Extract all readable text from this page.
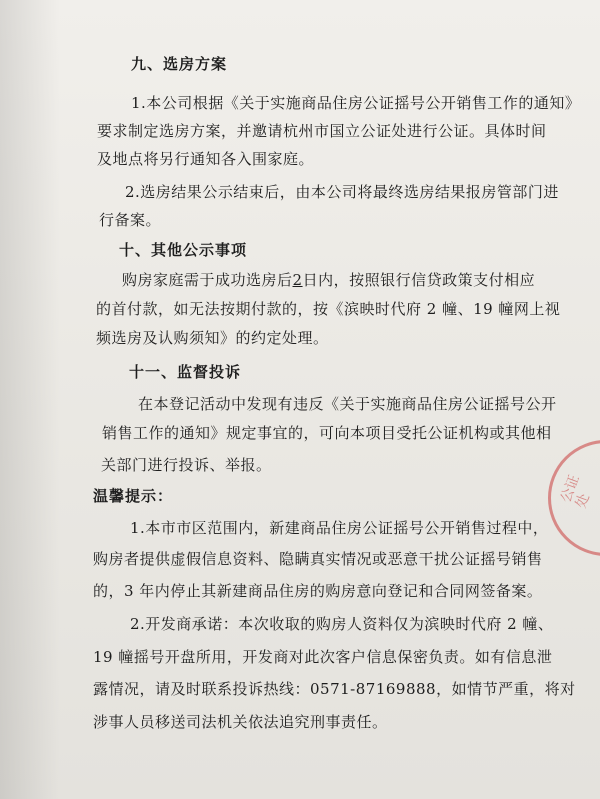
九、选房方案
1.本公司根据《关于实施商品住房公证摇号公开销售工作的通知》
要求制定选房方案，并邀请杭州市国立公证处进行公证。具体时间
及地点将另行通知各入围家庭。
2.选房结果公示结束后，由本公司将最终选房结果报房管部门进
行备案。
十、其他公示事项
购房家庭需于成功选房后2日内，按照银行信贷政策支付相应
的首付款，如无法按期付款的，按《滨映时代府 2 幢、19 幢网上视
频选房及认购须知》的约定处理。
十一、监督投诉
在本登记活动中发现有违反《关于实施商品住房公证摇号公开
销售工作的通知》规定事宜的，可向本项目受托公证机构或其他相
关部门进行投诉、举报。
温馨提示：
1.本市市区范围内，新建商品住房公证摇号公开销售过程中，
购房者提供虚假信息资料、隐瞒真实情况或恶意干扰公证摇号销售
的，3 年内停止其新建商品住房的购房意向登记和合同网签备案。
2.开发商承诺：本次收取的购房人资料仅为滨映时代府 2 幢、
19 幢摇号开盘所用，开发商对此次客户信息保密负责。如有信息泄
露情况，请及时联系投诉热线：0571-87169888，如情节严重，将对
涉事人员移送司法机关依法追究刑事责任。
公证处
